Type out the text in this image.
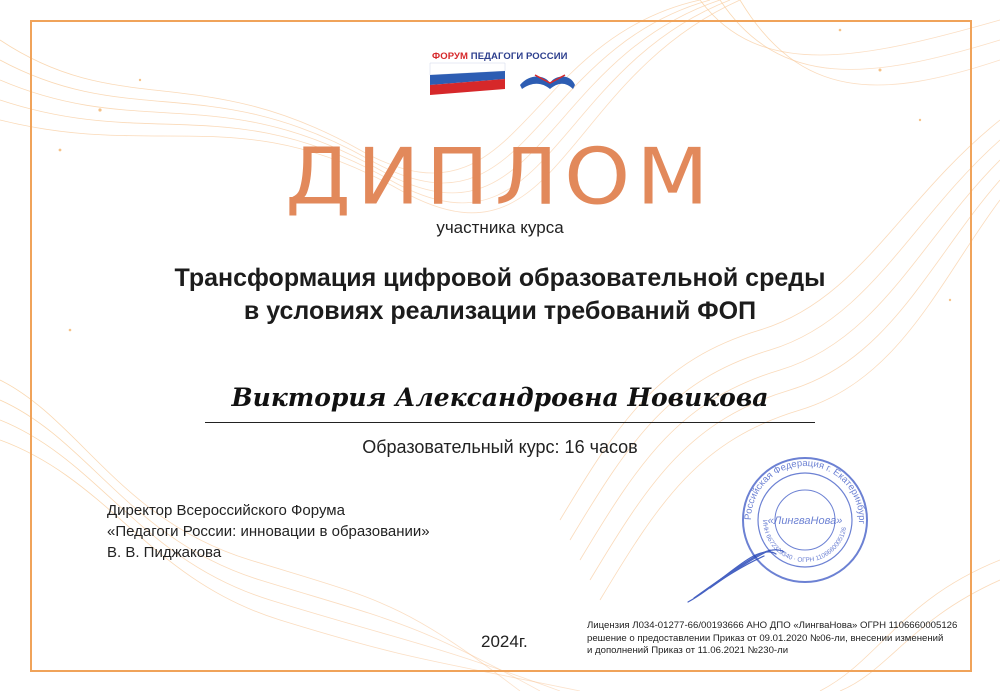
ФОРУМ ПЕДАГОГИ РОССИИ
ДИПЛОМ
участника курса
Трансформация цифровой образовательной среды
в условиях реализации требований ФОП
Виктория Александровна Новикова
Образовательный курс: 16 часов
Директор Всероссийского Форума
«Педагоги России: инновации в образовании»
В. В. Пиджакова
Российская Федерация г. Екатеринбург
ИНН 6672329340 · ОГРН 1106660005126
«ЛингваНова»
2024г.
Лицензия Л034-01277-66/00193666 АНО ДПО «ЛингваНова» ОГРН 1106660005126
решение о предоставлении Приказ от 09.01.2020 №06-ли, внесении изменений
и дополнений Приказ от 11.06.2021 №230-ли
